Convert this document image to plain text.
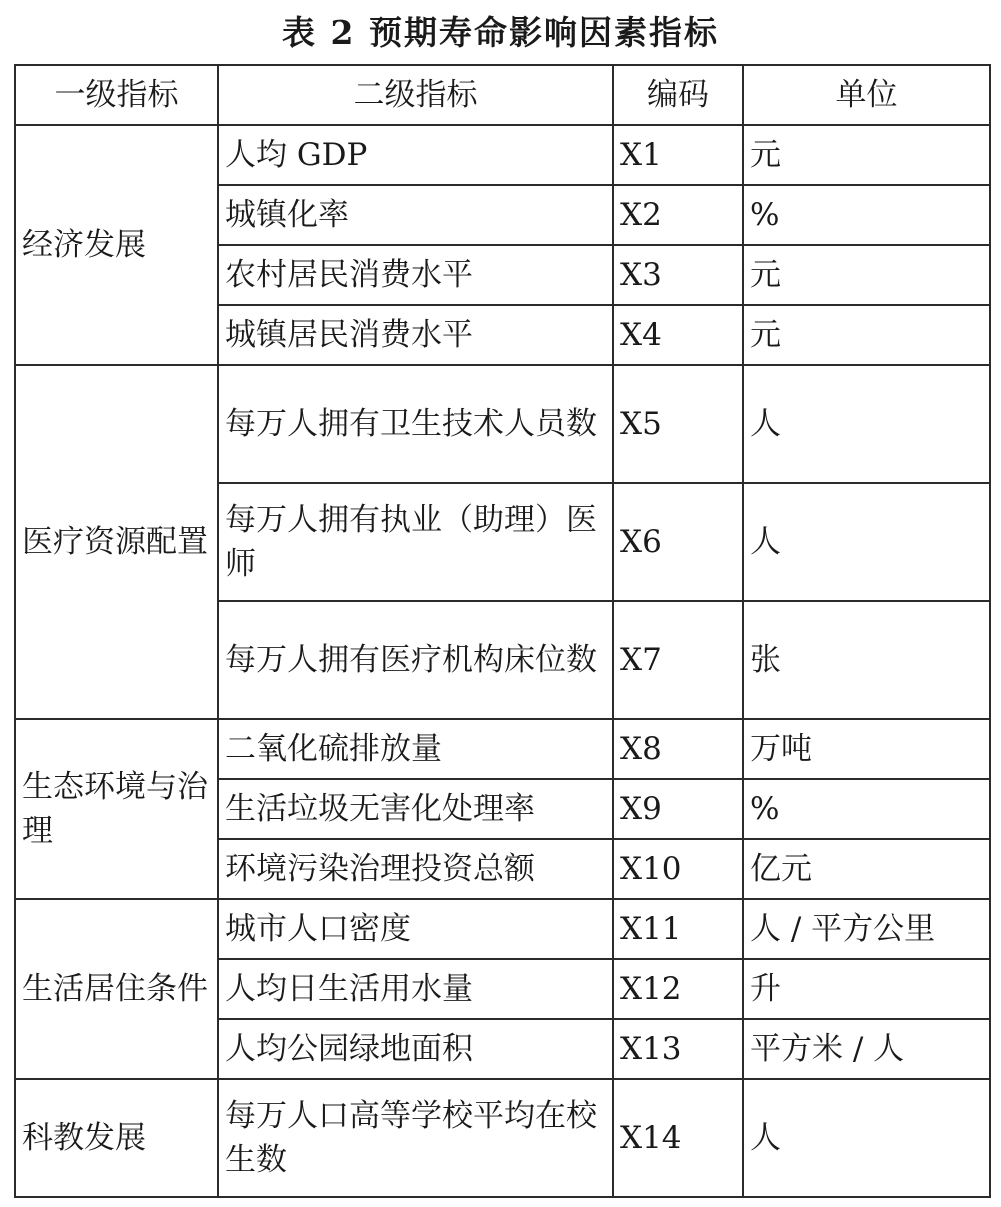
表 2 预期寿命影响因素指标
一级指标	二级指标	编码	单位
经济发展	人均 GDP	X1	元
	城镇化率	X2	%
	农村居民消费水平	X3	元
	城镇居民消费水平	X4	元
医疗资源配置	每万人拥有卫生技术人员数	X5	人
	每万人拥有执业（助理）医师	X6	人
	每万人拥有医疗机构床位数	X7	张
生态环境与治理	二氧化硫排放量	X8	万吨
	生活垃圾无害化处理率	X9	%
	环境污染治理投资总额	X10	亿元
生活居住条件	城市人口密度	X11	人 / 平方公里
	人均日生活用水量	X12	升
	人均公园绿地面积	X13	平方米 / 人
科教发展	每万人口高等学校平均在校生数	X14	人
